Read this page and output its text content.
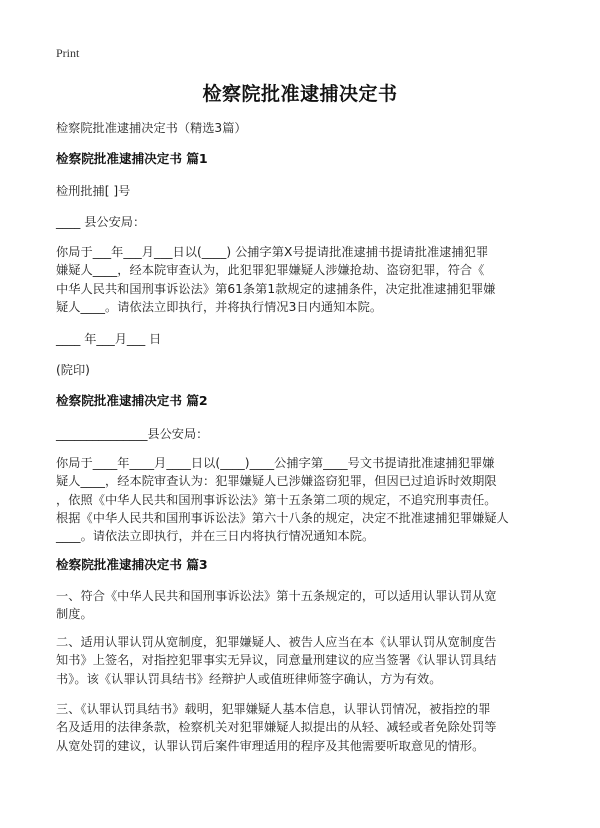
Print
检察院批准逮捕决定书
检察院批准逮捕决定书（精选3篇）
检察院批准逮捕决定书 篇1
检刑批捕[ ]号
____ 县公安局：
你局于___年___月___日以(____) 公捕字第X号提请批准逮捕书提请批准逮捕犯罪
嫌疑人____，经本院审查认为，此犯罪犯罪嫌疑人涉嫌抢劫、盗窃犯罪，符合《
中华人民共和国刑事诉讼法》第61条第1款规定的逮捕条件，决定批准逮捕犯罪嫌
疑人____。请依法立即执行，并将执行情况3日内通知本院。
____ 年___月___ 日
(院印)
检察院批准逮捕决定书 篇2
_______________县公安局：
你局于____年____月____日以(____)____公捕字第____号文书提请批准逮捕犯罪嫌
疑人____，经本院审查认为：犯罪嫌疑人已涉嫌盗窃犯罪，但因已过追诉时效期限
，依照《中华人民共和国刑事诉讼法》第十五条第二项的规定，不追究刑事责任。
根据《中华人民共和国刑事诉讼法》第六十八条的规定，决定不批准逮捕犯罪嫌疑人
____。请依法立即执行，并在三日内将执行情况通知本院。
检察院批准逮捕决定书 篇3
一、符合《中华人民共和国刑事诉讼法》第十五条规定的，可以适用认罪认罚从宽
制度。
二、适用认罪认罚从宽制度，犯罪嫌疑人、被告人应当在本《认罪认罚从宽制度告
知书》上签名，对指控犯罪事实无异议，同意量刑建议的应当签署《认罪认罚具结
书》。该《认罪认罚具结书》经辩护人或值班律师签字确认，方为有效。
三、《认罪认罚具结书》载明，犯罪嫌疑人基本信息，认罪认罚情况，被指控的罪
名及适用的法律条款，检察机关对犯罪嫌疑人拟提出的从轻、减轻或者免除处罚等
从宽处罚的建议，认罪认罚后案件审理适用的程序及其他需要听取意见的情形。
